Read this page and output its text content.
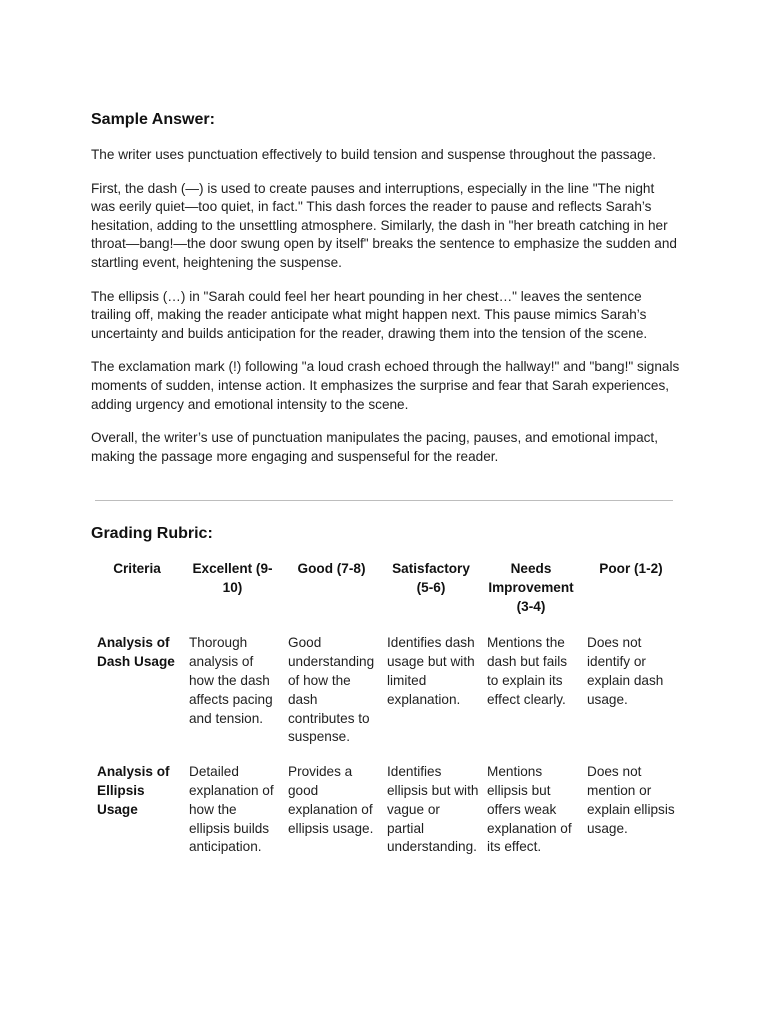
Sample Answer:

The writer uses punctuation effectively to build tension and suspense throughout the passage.

First, the dash (—) is used to create pauses and interruptions, especially in the line "The night was eerily quiet—too quiet, in fact." This dash forces the reader to pause and reflects Sarah’s hesitation, adding to the unsettling atmosphere. Similarly, the dash in "her breath catching in her throat—bang!—the door swung open by itself" breaks the sentence to emphasize the sudden and startling event, heightening the suspense.

The ellipsis (…) in "Sarah could feel her heart pounding in her chest…" leaves the sentence trailing off, making the reader anticipate what might happen next. This pause mimics Sarah’s uncertainty and builds anticipation for the reader, drawing them into the tension of the scene.

The exclamation mark (!) following "a loud crash echoed through the hallway!" and "bang!" signals moments of sudden, intense action. It emphasizes the surprise and fear that Sarah experiences, adding urgency and emotional intensity to the scene.

Overall, the writer’s use of punctuation manipulates the pacing, pauses, and emotional impact, making the passage more engaging and suspenseful for the reader.

Grading Rubric:
Criteria	Excellent (9-10)	Good (7-8)	Satisfactory (5-6)	Needs Improvement (3-4)	Poor (1-2)
Analysis of Dash Usage	Thorough analysis of how the dash affects pacing and tension.	Good understanding of how the dash contributes to suspense.	Identifies dash usage but with limited explanation.	Mentions the dash but fails to explain its effect clearly.	Does not identify or explain dash usage.
Analysis of Ellipsis Usage	Detailed explanation of how the ellipsis builds anticipation.	Provides a good explanation of ellipsis usage.	Identifies ellipsis but with vague or partial understanding.	Mentions ellipsis but offers weak explanation of its effect.	Does not mention or explain ellipsis usage.
